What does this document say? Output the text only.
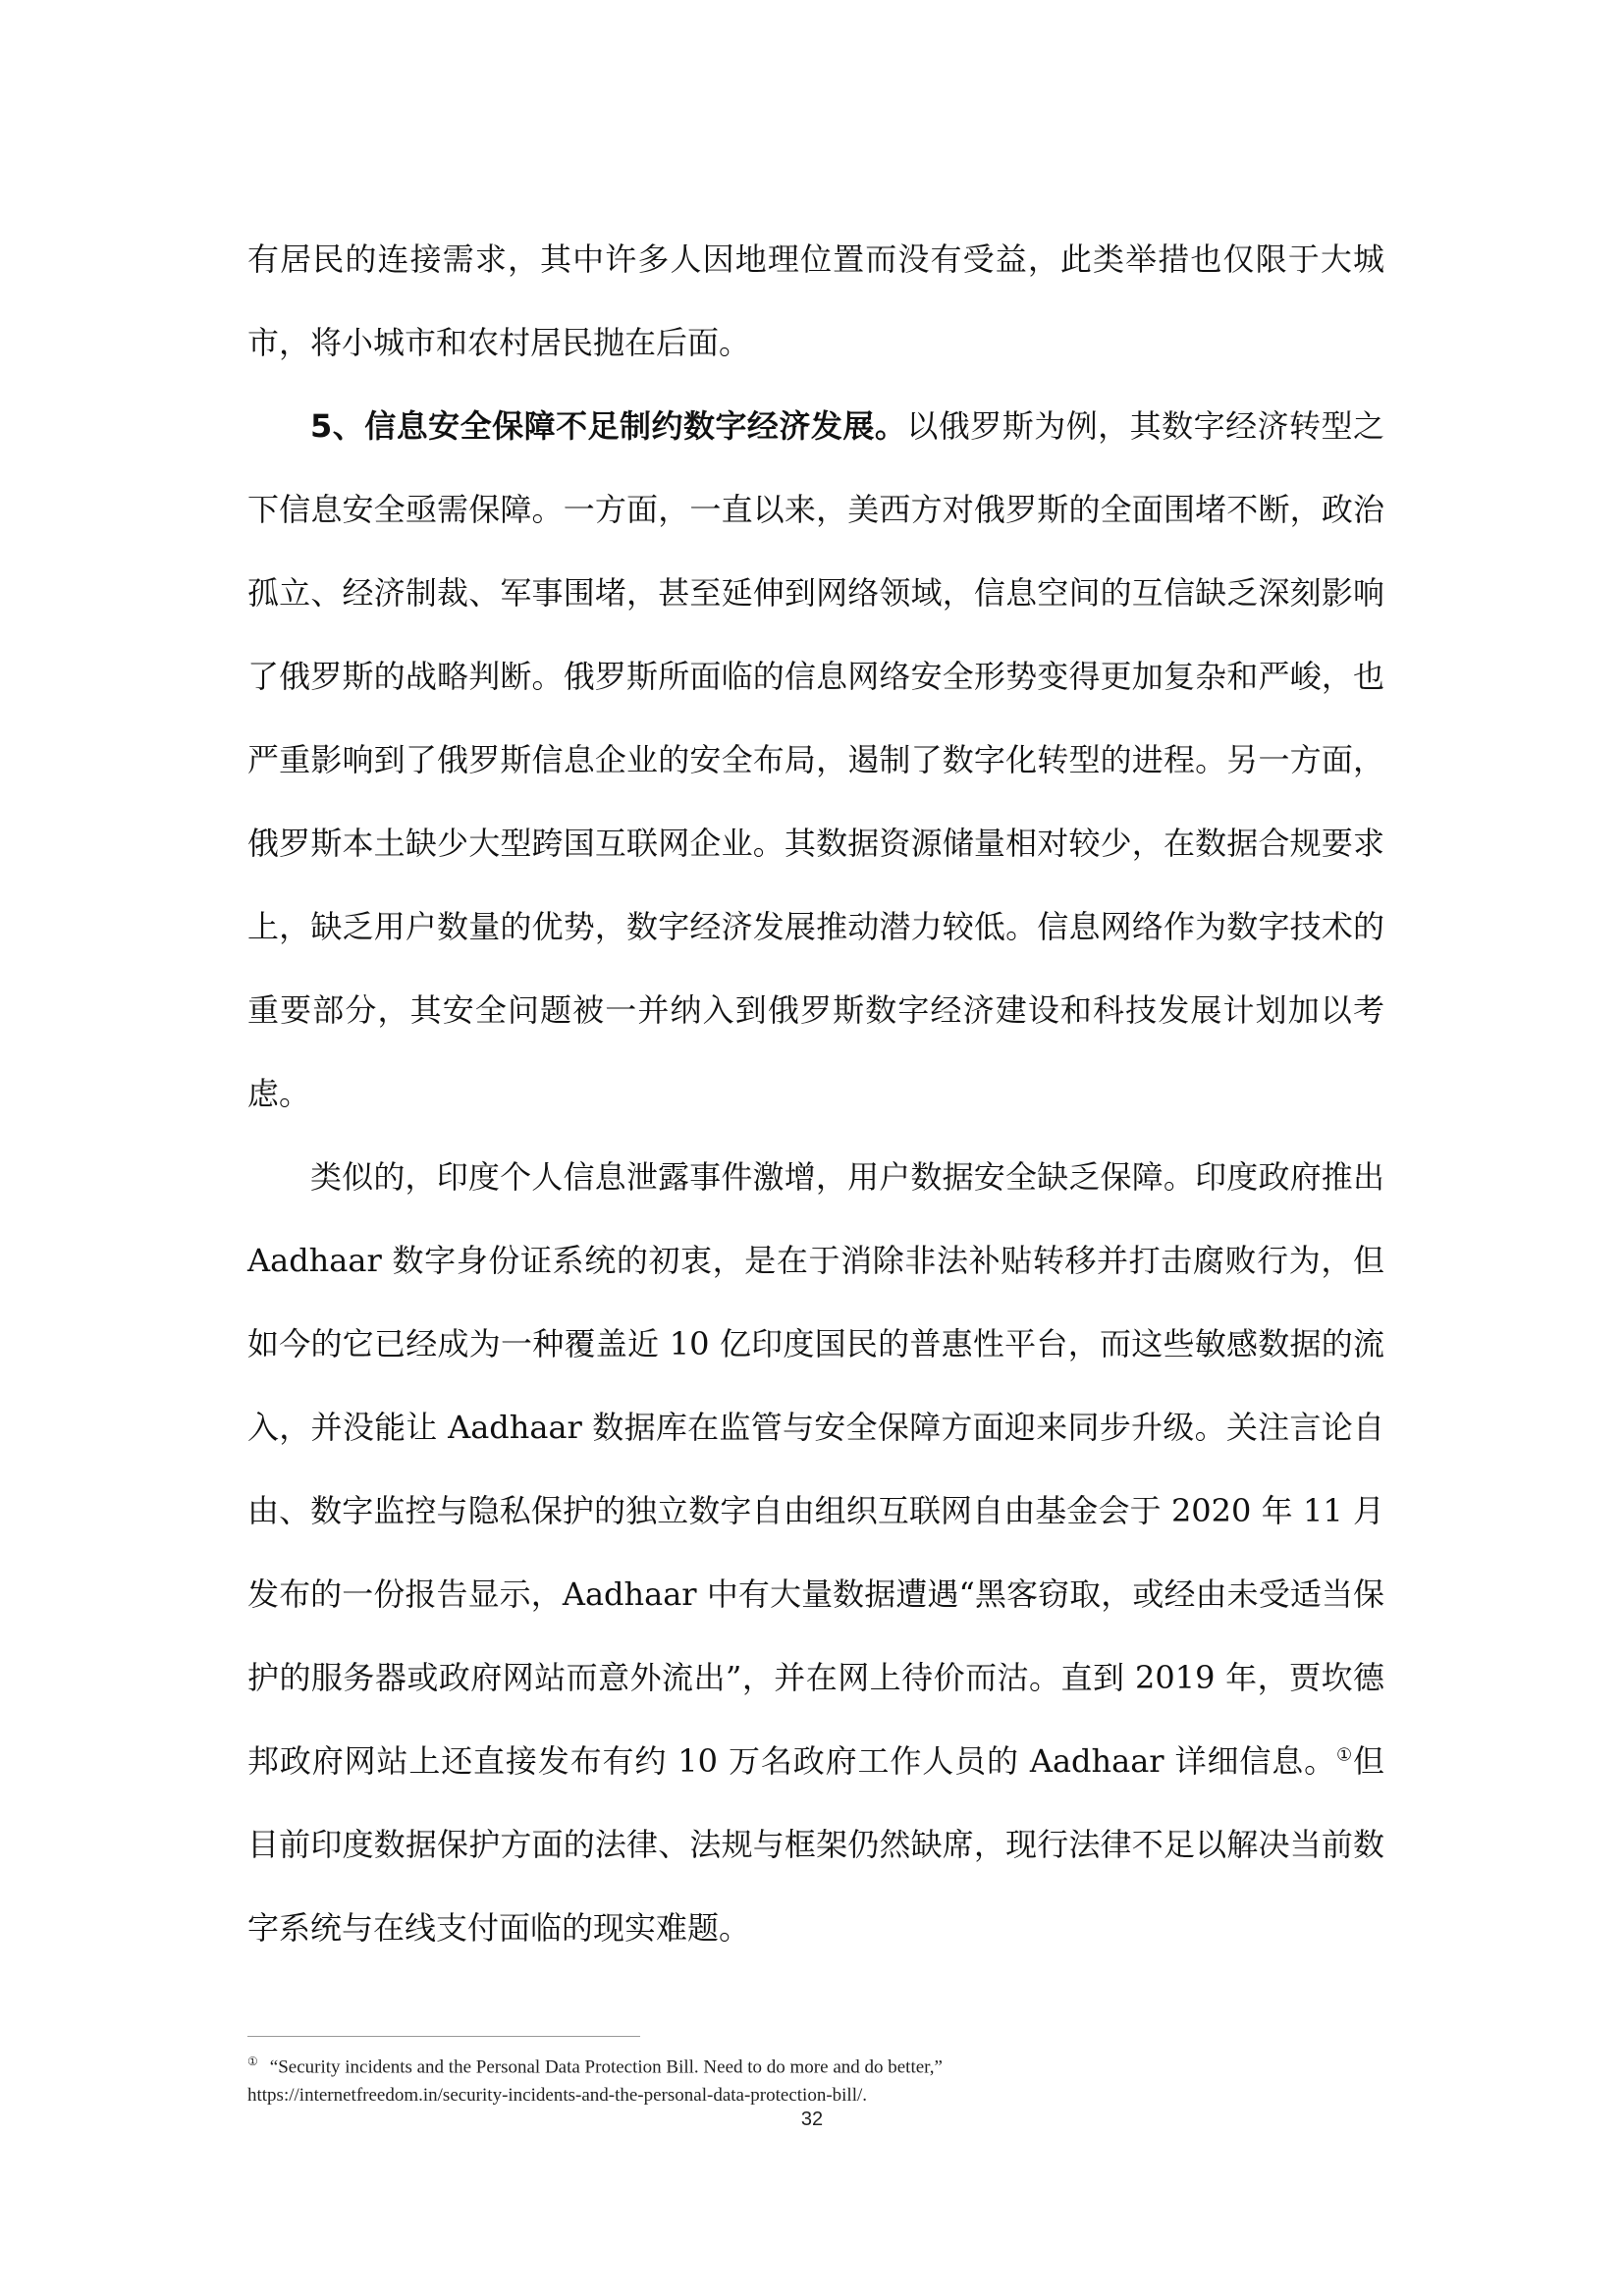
有居民的连接需求，其中许多人因地理位置而没有受益，此类举措也仅限于大城市，将小城市和农村居民抛在后面。

5、信息安全保障不足制约数字经济发展。以俄罗斯为例，其数字经济转型之下信息安全亟需保障。一方面，一直以来，美西方对俄罗斯的全面围堵不断，政治孤立、经济制裁、军事围堵，甚至延伸到网络领域，信息空间的互信缺乏深刻影响了俄罗斯的战略判断。俄罗斯所面临的信息网络安全形势变得更加复杂和严峻，也严重影响到了俄罗斯信息企业的安全布局，遏制了数字化转型的进程。另一方面，俄罗斯本土缺少大型跨国互联网企业。其数据资源储量相对较少，在数据合规要求上，缺乏用户数量的优势，数字经济发展推动潜力较低。信息网络作为数字技术的重要部分，其安全问题被一并纳入到俄罗斯数字经济建设和科技发展计划加以考虑。

类似的，印度个人信息泄露事件激增，用户数据安全缺乏保障。印度政府推出 Aadhaar 数字身份证系统的初衷，是在于消除非法补贴转移并打击腐败行为，但如今的它已经成为一种覆盖近 10 亿印度国民的普惠性平台，而这些敏感数据的流入，并没能让 Aadhaar 数据库在监管与安全保障方面迎来同步升级。关注言论自由、数字监控与隐私保护的独立数字自由组织互联网自由基金会于 2020 年 11 月发布的一份报告显示，Aadhaar 中有大量数据遭遇“黑客窃取，或经由未受适当保护的服务器或政府网站而意外流出”，并在网上待价而沽。直到 2019 年，贾坎德邦政府网站上还直接发布有约 10 万名政府工作人员的 Aadhaar 详细信息。①但目前印度数据保护方面的法律、法规与框架仍然缺席，现行法律不足以解决当前数字系统与在线支付面临的现实难题。

① “Security incidents and the Personal Data Protection Bill. Need to do more and do better,”
https://internetfreedom.in/security-incidents-and-the-personal-data-protection-bill/.
32
